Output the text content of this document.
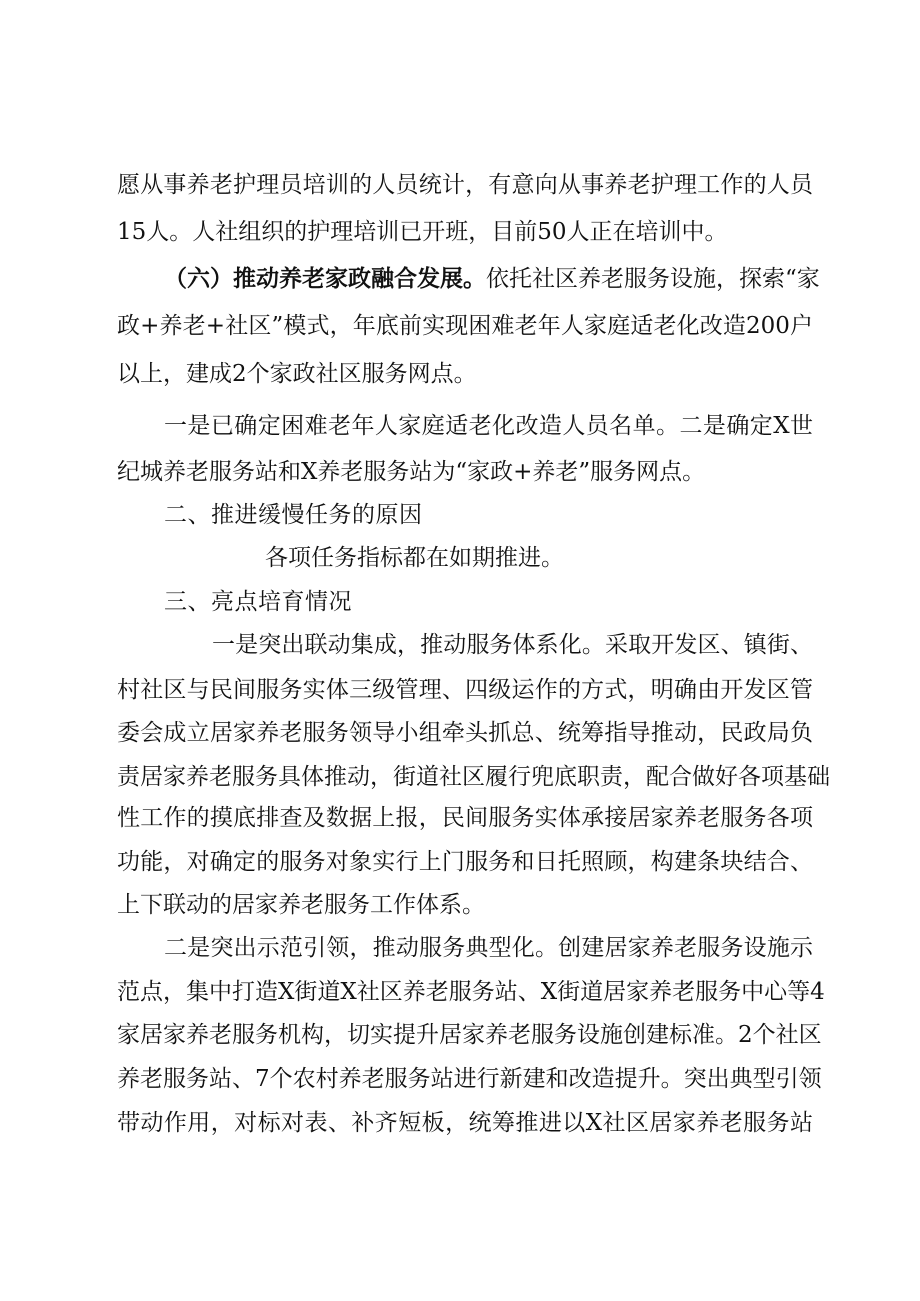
愿从事养老护理员培训的人员统计，有意向从事养老护理工作的人员
15人。人社组织的护理培训已开班，目前50人正在培训中。
（六）推动养老家政融合发展。依托社区养老服务设施，探索“家
政+养老+社区”模式，年底前实现困难老年人家庭适老化改造200户
以上，建成2个家政社区服务网点。
一是已确定困难老年人家庭适老化改造人员名单。二是确定X世
纪城养老服务站和X养老服务站为“家政+养老”服务网点。
二、推进缓慢任务的原因
各项任务指标都在如期推进。
三、亮点培育情况
一是突出联动集成，推动服务体系化。采取开发区、镇街、
村社区与民间服务实体三级管理、四级运作的方式，明确由开发区管
委会成立居家养老服务领导小组牵头抓总、统筹指导推动，民政局负
责居家养老服务具体推动，街道社区履行兜底职责，配合做好各项基础
性工作的摸底排查及数据上报，民间服务实体承接居家养老服务各项
功能，对确定的服务对象实行上门服务和日托照顾，构建条块结合、
上下联动的居家养老服务工作体系。
二是突出示范引领，推动服务典型化。创建居家养老服务设施示
范点，集中打造X街道X社区养老服务站、X街道居家养老服务中心等4
家居家养老服务机构，切实提升居家养老服务设施创建标准。2个社区
养老服务站、7个农村养老服务站进行新建和改造提升。突出典型引领
带动作用，对标对表、补齐短板，统筹推进以X社区居家养老服务站
